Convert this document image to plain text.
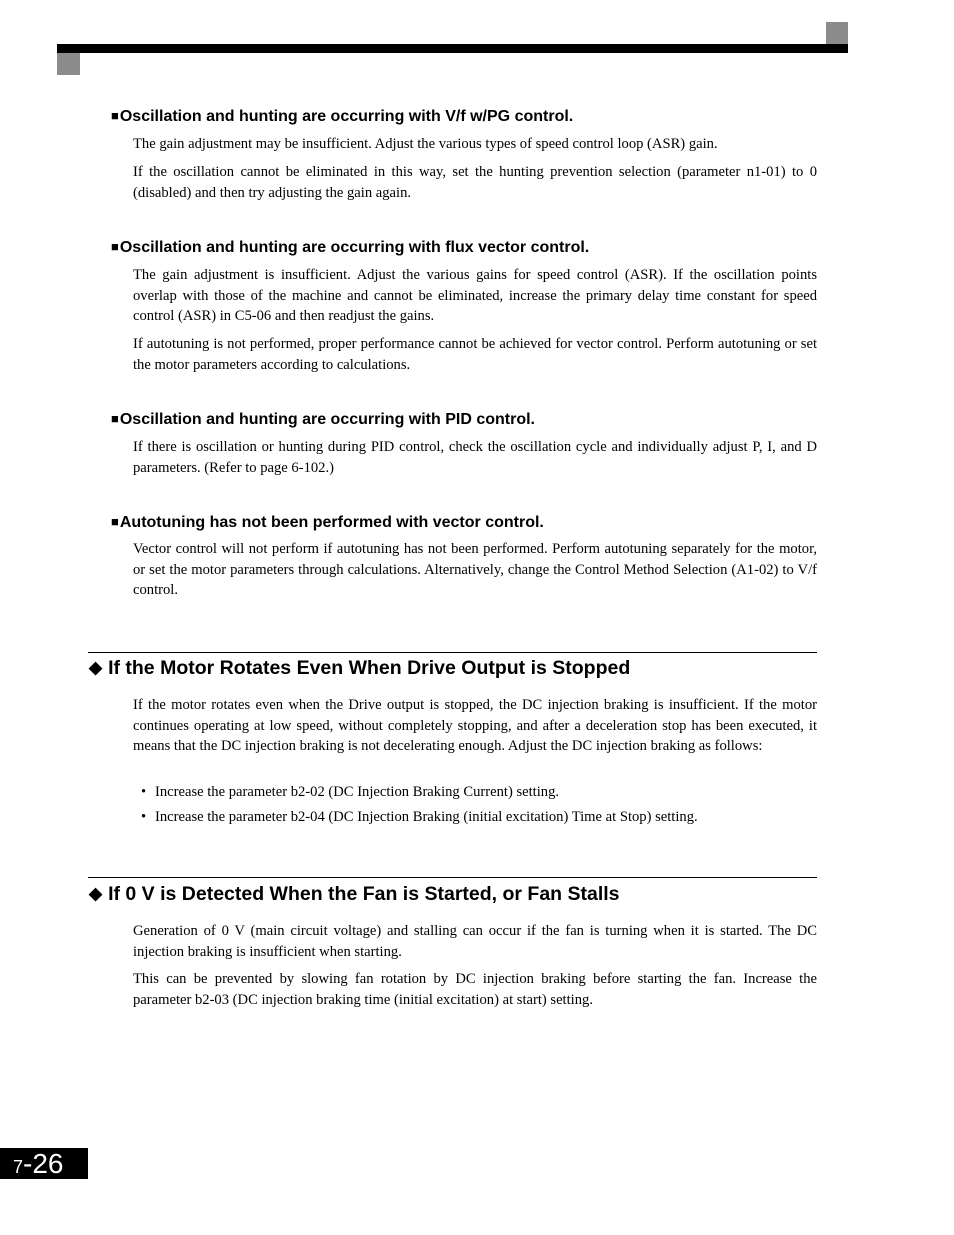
■Oscillation and hunting are occurring with V/f w/PG control.

The gain adjustment may be insufficient. Adjust the various types of speed control loop (ASR) gain.

If the oscillation cannot be eliminated in this way, set the hunting prevention selection (parameter n1-01) to 0 (disabled) and then try adjusting the gain again.

■Oscillation and hunting are occurring with flux vector control.

The gain adjustment is insufficient. Adjust the various gains for speed control (ASR). If the oscillation points overlap with those of the machine and cannot be eliminated, increase the primary delay time constant for speed control (ASR) in C5-06 and then readjust the gains.

If autotuning is not performed, proper performance cannot be achieved for vector control. Perform autotuning or set the motor parameters according to calculations.

■Oscillation and hunting are occurring with PID control.

If there is oscillation or hunting during PID control, check the oscillation cycle and individually adjust P, I, and D parameters. (Refer to page 6-102.)

■Autotuning has not been performed with vector control.

Vector control will not perform if autotuning has not been performed. Perform autotuning separately for the motor, or set the motor parameters through calculations. Alternatively, change the Control Method Selection (A1-02) to V/f control.

◆ If the Motor Rotates Even When Drive Output is Stopped

If the motor rotates even when the Drive output is stopped, the DC injection braking is insufficient. If the motor continues operating at low speed, without completely stopping, and after a deceleration stop has been executed, it means that the DC injection braking is not decelerating enough. Adjust the DC injection braking as follows:

• Increase the parameter b2-02 (DC Injection Braking Current) setting.
• Increase the parameter b2-04 (DC Injection Braking (initial excitation) Time at Stop) setting.
◆ If 0 V is Detected When the Fan is Started, or Fan Stalls

Generation of 0 V (main circuit voltage) and stalling can occur if the fan is turning when it is started. The DC injection braking is insufficient when starting.

This can be prevented by slowing fan rotation by DC injection braking before starting the fan. Increase the parameter b2-03 (DC injection braking time (initial excitation) at start) setting.

7-26
